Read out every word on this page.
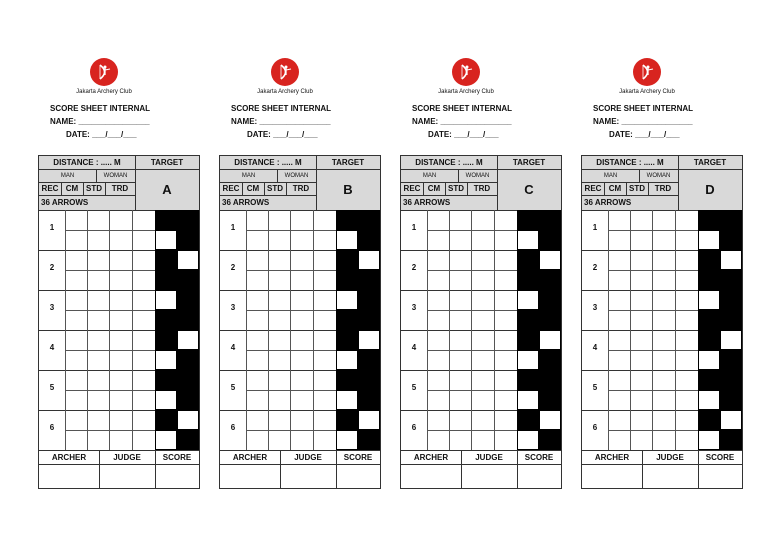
Jakarta Archery Club
SCORE SHEET INTERNAL
NAME: ________________
DATE: ___/___/___
DISTANCE : ..... M	TARGET
MAN	WOMAN
REC CM STD	TRD
36 ARROWS
A
1
2
3
4
5
6
ARCHER	JUDGE	SCORE
Jakarta Archery Club
SCORE SHEET INTERNAL
NAME: ________________
DATE: ___/___/___
DISTANCE : ..... M	TARGET
MAN	WOMAN
REC CM STD	TRD
36 ARROWS
B
1
2
3
4
5
6
ARCHER	JUDGE	SCORE
Jakarta Archery Club
SCORE SHEET INTERNAL
NAME: ________________
DATE: ___/___/___
DISTANCE : ..... M	TARGET
MAN	WOMAN
REC CM STD	TRD
36 ARROWS
C
1
2
3
4
5
6
ARCHER	JUDGE	SCORE
Jakarta Archery Club
SCORE SHEET INTERNAL
NAME: ________________
DATE: ___/___/___
DISTANCE : ..... M	TARGET
MAN	WOMAN
REC CM STD	TRD
36 ARROWS
D
1
2
3
4
5
6
ARCHER	JUDGE	SCORE
